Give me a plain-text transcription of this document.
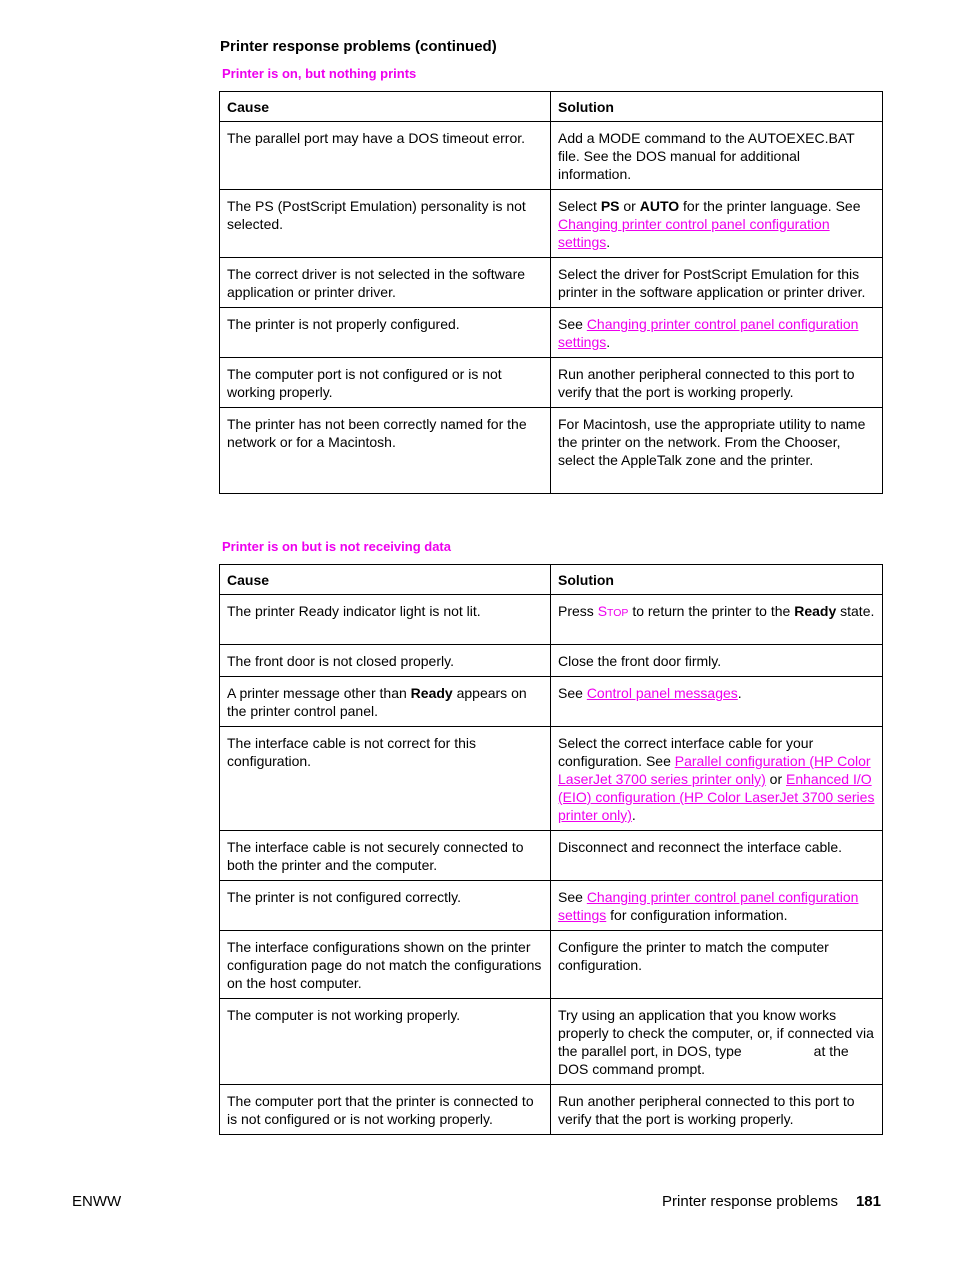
Printer response problems (continued)
Printer is on, but nothing prints
Cause	Solution
The parallel port may have a DOS timeout error.	Add a MODE command to the AUTOEXEC.BAT file. See the DOS manual for additional information.
The PS (PostScript Emulation) personality is not selected.	Select PS or AUTO for the printer language. See Changing printer control panel configuration settings.
The correct driver is not selected in the software application or printer driver.	Select the driver for PostScript Emulation for this printer in the software application or printer driver.
The printer is not properly configured.	See Changing printer control panel configuration settings.
The computer port is not configured or is not working properly.	Run another peripheral connected to this port to verify that the port is working properly.
The printer has not been correctly named for the network or for a Macintosh.	For Macintosh, use the appropriate utility to name the printer on the network. From the Chooser, select the AppleTalk zone and the printer.
Printer is on but is not receiving data
Cause	Solution
The printer Ready indicator light is not lit.	Press STOP to return the printer to the Ready state.
The front door is not closed properly.	Close the front door firmly.
A printer message other than Ready appears on the printer control panel.	See Control panel messages.
The interface cable is not correct for this configuration.	Select the correct interface cable for your configuration. See Parallel configuration (HP Color LaserJet 3700 series printer only) or Enhanced I/O (EIO) configuration (HP Color LaserJet 3700 series printer only).
The interface cable is not securely connected to both the printer and the computer.	Disconnect and reconnect the interface cable.
The printer is not configured correctly.	See Changing printer control panel configuration settings for configuration information.
The interface configurations shown on the printer configuration page do not match the configurations on the host computer.	Configure the printer to match the computer configuration.
The computer is not working properly.	Try using an application that you know works properly to check the computer, or, if connected via the parallel port, in DOS, type at the DOS command prompt.
The computer port that the printer is connected to is not configured or is not working properly.	Run another peripheral connected to this port to verify that the port is working properly.
ENWW	Printer response problems 181
